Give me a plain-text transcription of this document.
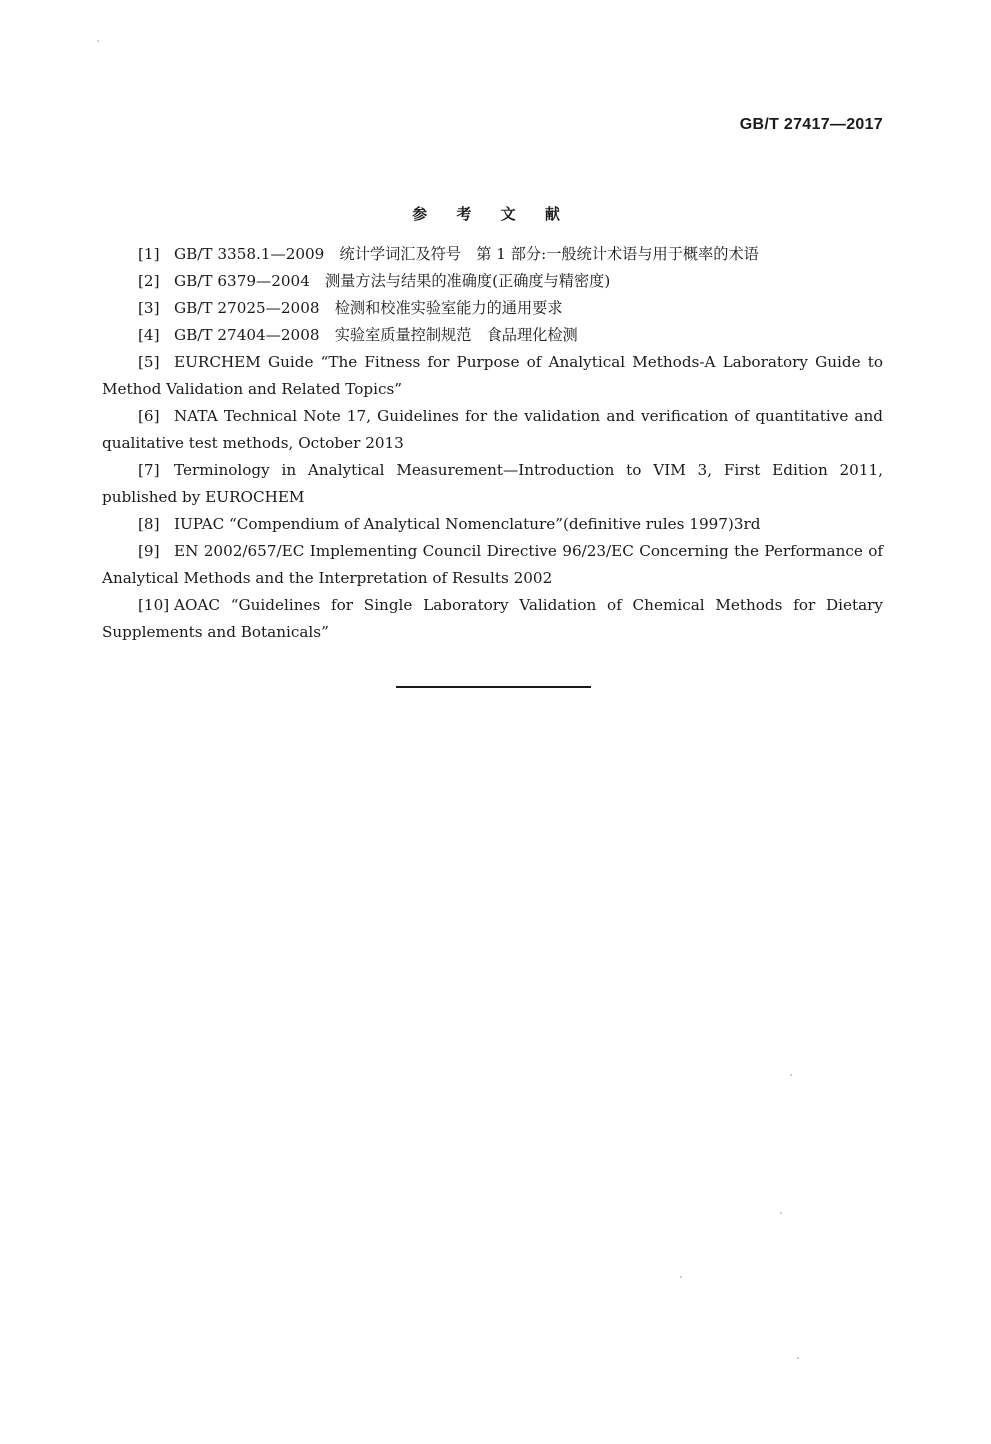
GB/T 27417—2017
参 考 文 献

[1] GB/T 3358.1—2009　统计学词汇及符号　第 1 部分:一般统计术语与用于概率的术语

[2] GB/T 6379—2004　测量方法与结果的准确度(正确度与精密度)

[3] GB/T 27025—2008　检测和校准实验室能力的通用要求

[4] GB/T 27404—2008　实验室质量控制规范　食品理化检测

[5] EURCHEM Guide “The Fitness for Purpose of Analytical Methods-A Laboratory Guide to Method Validation and Related Topics”

[6] NATA Technical Note 17, Guidelines for the validation and verification of quantitative and qualitative test methods, October 2013

[7] Terminology in Analytical Measurement—Introduction to VIM 3, First Edition 2011, published by EUROCHEM

[8] IUPAC “Compendium of Analytical Nomenclature”(definitive rules 1997)3rd

[9] EN 2002/657/EC Implementing Council Directive 96/23/EC Concerning the Performance of Analytical Methods and the Interpretation of Results 2002

[10] AOAC “Guidelines for Single Laboratory Validation of Chemical Methods for Dietary Supplements and Botanicals”
